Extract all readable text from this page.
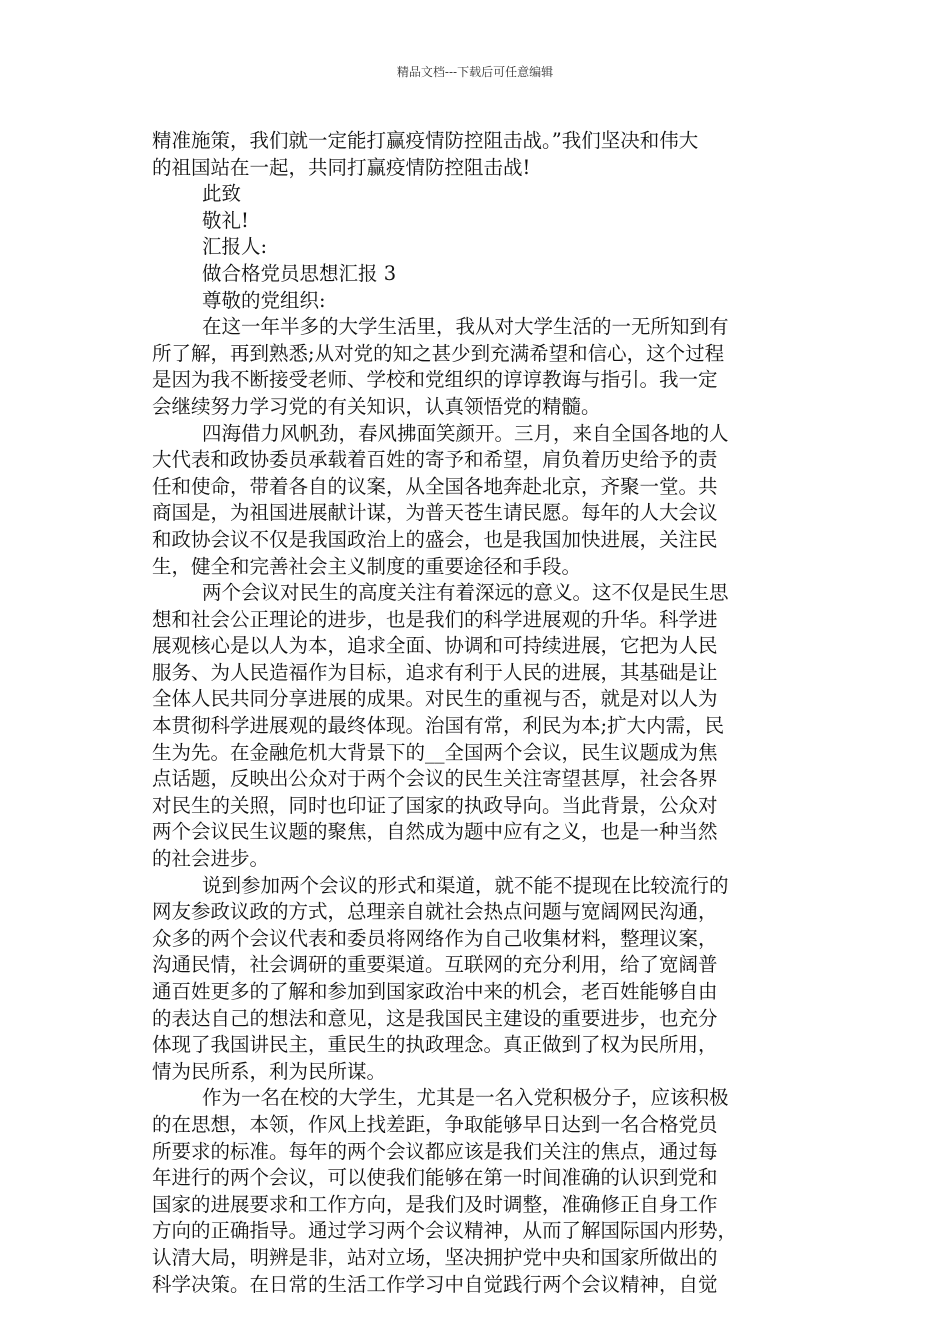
精品文档---下载后可任意编辑
精准施策，我们就一定能打赢疫情防控阻击战。”我们坚决和伟大
的祖国站在一起，共同打赢疫情防控阻击战!
此致
敬礼!
汇报人:
做合格党员思想汇报 3
尊敬的党组织:
在这一年半多的大学生活里，我从对大学生活的一无所知到有
所了解，再到熟悉;从对党的知之甚少到充满希望和信心，这个过程
是因为我不断接受老师、学校和党组织的谆谆教诲与指引。我一定
会继续努力学习党的有关知识，认真领悟党的精髓。
四海借力风帆劲，春风拂面笑颜开。三月，来自全国各地的人
大代表和政协委员承载着百姓的寄予和希望，肩负着历史给予的责
任和使命，带着各自的议案，从全国各地奔赴北京，齐聚一堂。共
商国是，为祖国进展献计谋，为普天苍生请民愿。每年的人大会议
和政协会议不仅是我国政治上的盛会，也是我国加快进展，关注民
生，健全和完善社会主义制度的重要途径和手段。
两个会议对民生的高度关注有着深远的意义。这不仅是民生思
想和社会公正理论的进步，也是我们的科学进展观的升华。科学进
展观核心是以人为本，追求全面、协调和可持续进展，它把为人民
服务、为人民造福作为目标，追求有利于人民的进展，其基础是让
全体人民共同分享进展的成果。对民生的重视与否，就是对以人为
本贯彻科学进展观的最终体现。治国有常，利民为本;扩大内需，民
生为先。在金融危机大背景下的__全国两个会议，民生议题成为焦
点话题，反映出公众对于两个会议的民生关注寄望甚厚，社会各界
对民生的关照，同时也印证了国家的执政导向。当此背景，公众对
两个会议民生议题的聚焦，自然成为题中应有之义，也是一种当然
的社会进步。
说到参加两个会议的形式和渠道，就不能不提现在比较流行的
网友参政议政的方式，总理亲自就社会热点问题与宽阔网民沟通，
众多的两个会议代表和委员将网络作为自己收集材料，整理议案，
沟通民情，社会调研的重要渠道。互联网的充分利用，给了宽阔普
通百姓更多的了解和参加到国家政治中来的机会，老百姓能够自由
的表达自己的想法和意见，这是我国民主建设的重要进步，也充分
体现了我国讲民主，重民生的执政理念。真正做到了权为民所用，
情为民所系，利为民所谋。
作为一名在校的大学生，尤其是一名入党积极分子，应该积极
的在思想，本领，作风上找差距，争取能够早日达到一名合格党员
所要求的标准。每年的两个会议都应该是我们关注的焦点，通过每
年进行的两个会议，可以使我们能够在第一时间准确的认识到党和
国家的进展要求和工作方向，是我们及时调整，准确修正自身工作
方向的正确指导。通过学习两个会议精神，从而了解国际国内形势，
认清大局，明辨是非，站对立场，坚决拥护党中央和国家所做出的
科学决策。在日常的生活工作学习中自觉践行两个会议精神，自觉
